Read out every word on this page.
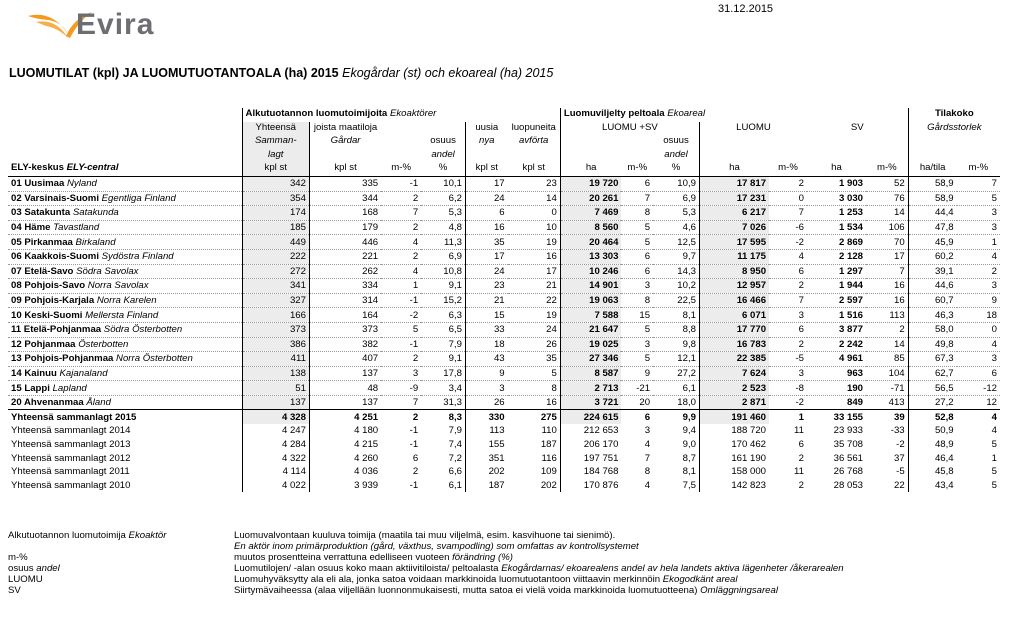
Evira	31.12.2015
LUOMUTILAT (kpl) JA LUOMUTUOTANTOALA (ha) 2015 Ekogårdar (st) och ekoareal (ha) 2015
	Alkutuotannon luomutoimijoita Ekoaktörer						Luomuviljelty peltoala Ekoareal							Tilakoko	
	Yhteensä	joista maatiloja			uusia	luopuneita	LUOMU +SV			LUOMU		SV		Gårdsstorlek	
	Samman-	Gårdar		osuus	nya	avförta			osuus						
	lagt			andel					andel						
ELY-keskus ELY-central	kpl st	kpl st	m-%	%	kpl st	kpl st	ha	m-%	%	ha	m-%	ha	m-%	ha/tila	m-%
01 Uusimaa Nyland	342	335	-1	10,1	17	23	19 720	6	10,9	17 817	2	1 903	52	58,9	7
02 Varsinais-Suomi Egentliga Finland	354	344	2	6,2	24	14	20 261	7	6,9	17 231	0	3 030	76	58,9	5
03 Satakunta Satakunda	174	168	7	5,3	6	0	7 469	8	5,3	6 217	7	1 253	14	44,4	3
04 Häme Tavastland	185	179	2	4,8	16	10	8 560	5	4,6	7 026	-6	1 534	106	47,8	3
05 Pirkanmaa Birkaland	449	446	4	11,3	35	19	20 464	5	12,5	17 595	-2	2 869	70	45,9	1
06 Kaakkois-Suomi Sydöstra Finland	222	221	2	6,9	17	16	13 303	6	9,7	11 175	4	2 128	17	60,2	4
07 Etelä-Savo Södra Savolax	272	262	4	10,8	24	17	10 246	6	14,3	8 950	6	1 297	7	39,1	2
08 Pohjois-Savo Norra Savolax	341	334	1	9,1	23	21	14 901	3	10,2	12 957	2	1 944	16	44,6	3
09 Pohjois-Karjala Norra Karelen	327	314	-1	15,2	21	22	19 063	8	22,5	16 466	7	2 597	16	60,7	9
10 Keski-Suomi Mellersta Finland	166	164	-2	6,3	15	19	7 588	15	8,1	6 071	3	1 516	113	46,3	18
11 Etelä-Pohjanmaa Södra Österbotten	373	373	5	6,5	33	24	21 647	5	8,8	17 770	6	3 877	2	58,0	0
12 Pohjanmaa Österbotten	386	382	-1	7,9	18	26	19 025	3	9,8	16 783	2	2 242	14	49,8	4
13 Pohjois-Pohjanmaa Norra Österbotten	411	407	2	9,1	43	35	27 346	5	12,1	22 385	-5	4 961	85	67,3	3
14 Kainuu Kajanaland	138	137	3	17,8	9	5	8 587	9	27,2	7 624	3	963	104	62,7	6
15 Lappi Lapland	51	48	-9	3,4	3	8	2 713	-21	6,1	2 523	-8	190	-71	56,5	-12
20 Ahvenanmaa Åland	137	137	7	31,3	26	16	3 721	20	18,0	2 871	-2	849	413	27,2	12
Yhteensä sammanlagt 2015	4 328	4 251	2	8,3	330	275	224 615	6	9,9	191 460	1	33 155	39	52,8	4
Yhteensä sammanlagt 2014	4 247	4 180	-1	7,9	113	110	212 653	3	9,4	188 720	11	23 933	-33	50,9	4
Yhteensä sammanlagt 2013	4 284	4 215	-1	7,4	155	187	206 170	4	9,0	170 462	6	35 708	-2	48,9	5
Yhteensä sammanlagt 2012	4 322	4 260	6	7,2	351	116	197 751	7	8,7	161 190	2	36 561	37	46,4	1
Yhteensä sammanlagt 2011	4 114	4 036	2	6,6	202	109	184 768	8	8,1	158 000	11	26 768	-5	45,8	5
Yhteensä sammanlagt 2010	4 022	3 939	-1	6,1	187	202	170 876	4	7,5	142 823	2	28 053	22	43,4	5
Alkutuotannon luomutoimija Ekoaktör	Luomuvalvontaan kuuluva toimija (maatila tai muu viljelmä, esim. kasvihuone tai sienimö).
En aktör inom primärproduktion (gård, växthus, svampodling) som omfattas av kontrollsystemet
m-%	muutos prosentteina verrattuna edelliseen vuoteen förändring (%)
osuus andel	Luomutilojen/ -alan osuus koko maan aktiivitiloista/ peltoalasta Ekogårdarnas/ ekoarealens andel av hela landets aktiva lägenheter /åkerarealen
LUOMU	Luomuhyväksytty ala eli ala, jonka satoa voidaan markkinoida luomutuotantoon viittaavin merkinnöin Ekogodkänt areal
SV	Siirtymävaiheessa (alaa viljellään luonnonmukaisesti, mutta satoa ei vielä voida markkinoida luomutuotteena) Omläggningsareal
